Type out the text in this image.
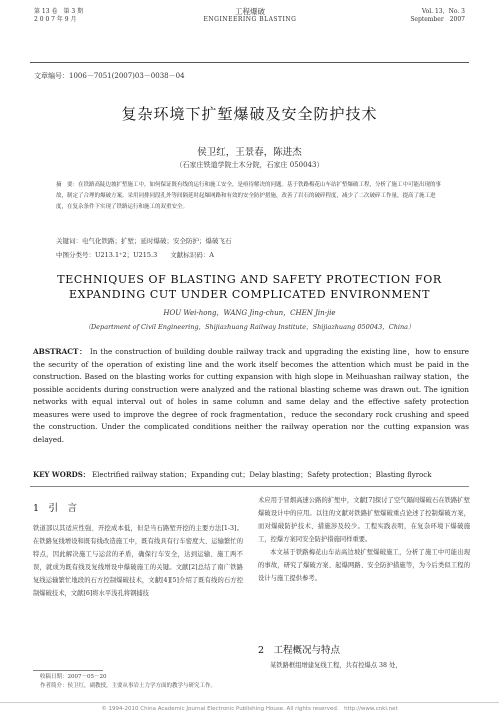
第 13 卷　第 3 期
2 0 0 7 年 9 月
工程爆破
ENGINEERING BLASTING
Vol. 13，No. 3
September　2007
文章编号：1006－7051(2007)03－0038－04
复杂环境下扩堑爆破及安全防护技术
侯卫红，王景春，陈进杰
（石家庄铁道学院土木分院，石家庄 050043）
摘　要：在铁路高陡边坡扩堑施工中，如何保证既有线的运行和施工安全，是亟待解决的问题。基于铁路梅花山车站扩堑爆破工程，分析了施工中可能出现的事故，制定了合理的爆破方案。采用同排同段孔外等间隔延时起爆网路和有效的安全防护措施，改善了岩石的破碎程度，减少了二次破碎工作量，提高了施工进度，在复杂条件下实现了铁路运行和施工的双重安全。
关键词：电气化铁路；扩堑；延时爆破；安全防护；爆破飞石
中图分类号：U213.1⁺2；U215.3　　文献标识码：A
TECHNIQUES OF BLASTING AND SAFETY PROTECTION FOR
EXPANDING CUT UNDER COMPLICATED ENVIRONMENT
HOU Wei-hong，WANG Jing-chun，CHEN Jin-jie
（Department of Civil Engineering，Shijiazhuang Railway Institute，Shijiazhuang 050043，China）
ABSTRACT： In the construction of building double railway track and upgrading the existing line，how to ensure the security of the operation of existing line and the work itself becomes the attention which must be paid in the construction. Based on the blasting works for cutting expansion with high slope in Meihuashan railway station，the possible accidents during construction were analyzed and the rational blasting scheme was drawn out. The ignition networks with equal interval out of holes in same column and same delay and the effective safety protection measures were used to improve the degree of rock fragmentation，reduce the secondary rock crushing and speed the construction. Under the complicated conditions neither the railway operation nor the cutting expansion was delayed.
KEY WORDS： Electrified railway station；Expanding cut；Delay blasting；Safety protection；Blasting flyrock
1　引　言
铁道部以其适应性强、开挖成本低，但是当石路堑开挖的主要方法[1-3]。在铁路复线增设和既有线改造施工中，既有线具有行车密度大、运输繁忙的特点，因此解决施工与运营的矛盾，确保行车安全，达到运输、施工两不误，就成为既有线及复线增设中爆破施工的关键。文献[2]总结了南广铁路复线运输繁忙地段的石方控制爆破技术，文献[4][5]介绍了既有线的石方控制爆破技术，文献[6]将水平浅孔将钢捕技
术应用于冒烟高速公路的扩堑中，文献[7]探讨了空气隔间爆破石在铁路扩堑爆破设计中的应用。以往的文献对铁路扩堑爆破重点论述了控制爆破方案，而对爆破防护技术、措施涉及较少。工程实践表明，在复杂环境下爆破施工，控爆方案同安全防护措施同样重要。
本文基于铁路梅花山车站高边坡扩堑爆破施工，分析了施工中可能出现的事故，研究了爆破方案、起爆网路、安全防护措施等，为今后类似工程的设计与施工提供参考。
2　工程概况与特点
某铁路框组增建复线工程，共有控爆点 38 处，
收稿日期：2007－05－20
作者简介：侯卫红，副教授，主要从事岩土力学方面的教学与研究工作。
© 1994-2010 China Academic Journal Electronic Publishing House. All rights reserved.　http://www.cnki.net
